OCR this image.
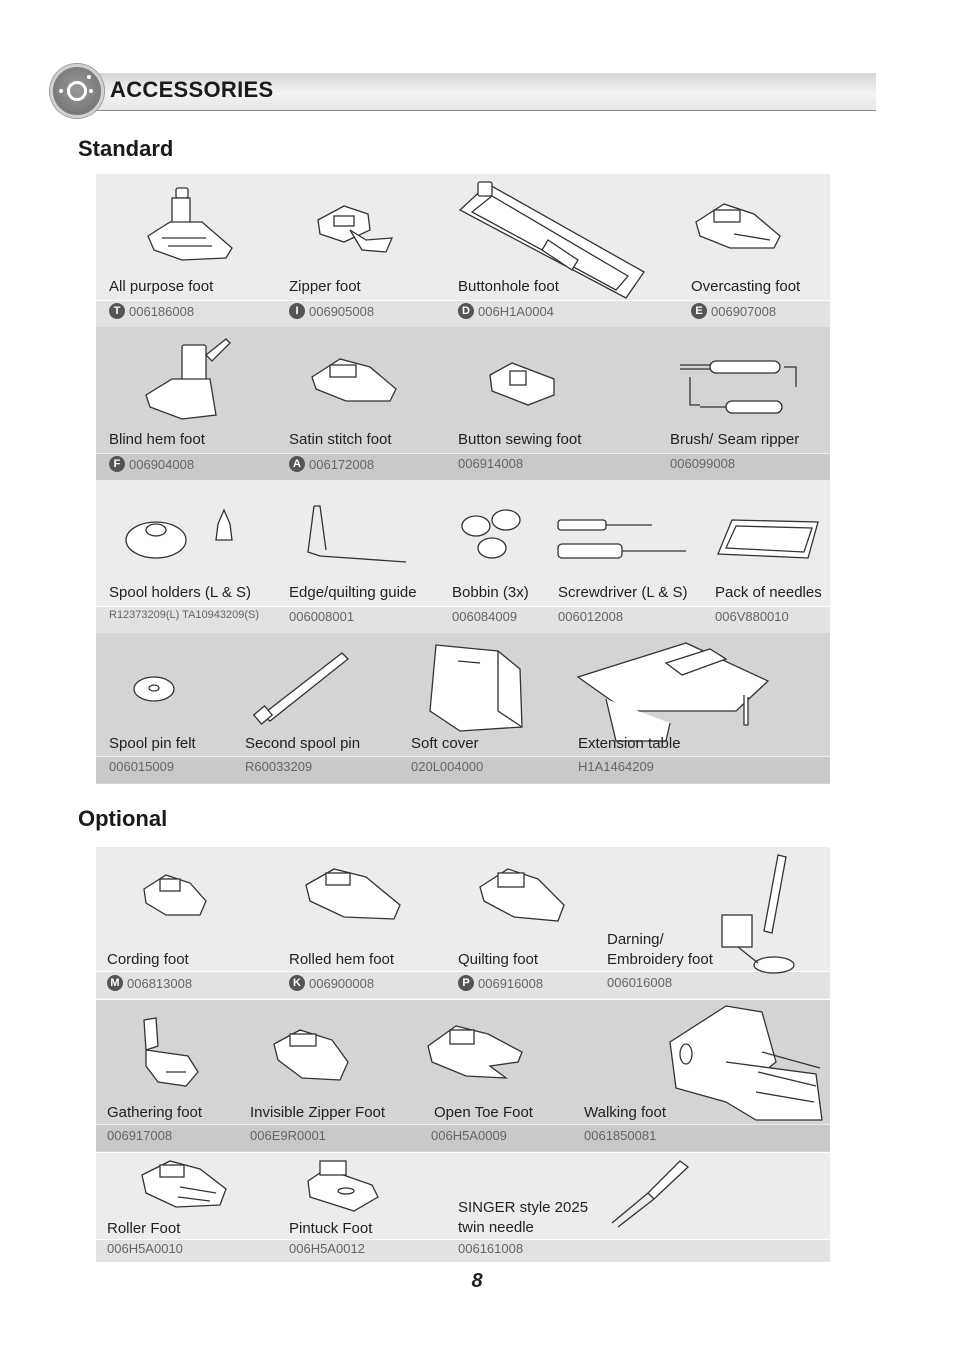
ACCESSORIES
Standard
All purpose foot
T 006186008
Zipper foot
I 006905008
Buttonhole foot
D 006H1A0004
Overcasting foot
E 006907008
Blind hem foot
F 006904008
Satin stitch foot
A 006172008
Button sewing foot
006914008
Brush/ Seam ripper
006099008
Spool holders (L & S)
R12373209(L) TA10943209(S)
Edge/quilting guide
006008001
Bobbin (3x)
006084009
Screwdriver (L & S)
006012008
Pack of needles
006V880010
Spool pin felt
006015009
Second spool pin
R60033209
Soft cover
020L004000
Extension table
H1A1464209
Optional
Cording foot
M 006813008
Rolled hem foot
K 006900008
Quilting foot
P 006916008
Darning/
Embroidery foot
006016008
Gathering foot
006917008
Invisible Zipper Foot
006E9R0001
Open Toe Foot
006H5A0009
Walking foot
0061850081
Roller Foot
006H5A0010
Pintuck Foot
006H5A0012
SINGER style 2025
twin needle
006161008
8
